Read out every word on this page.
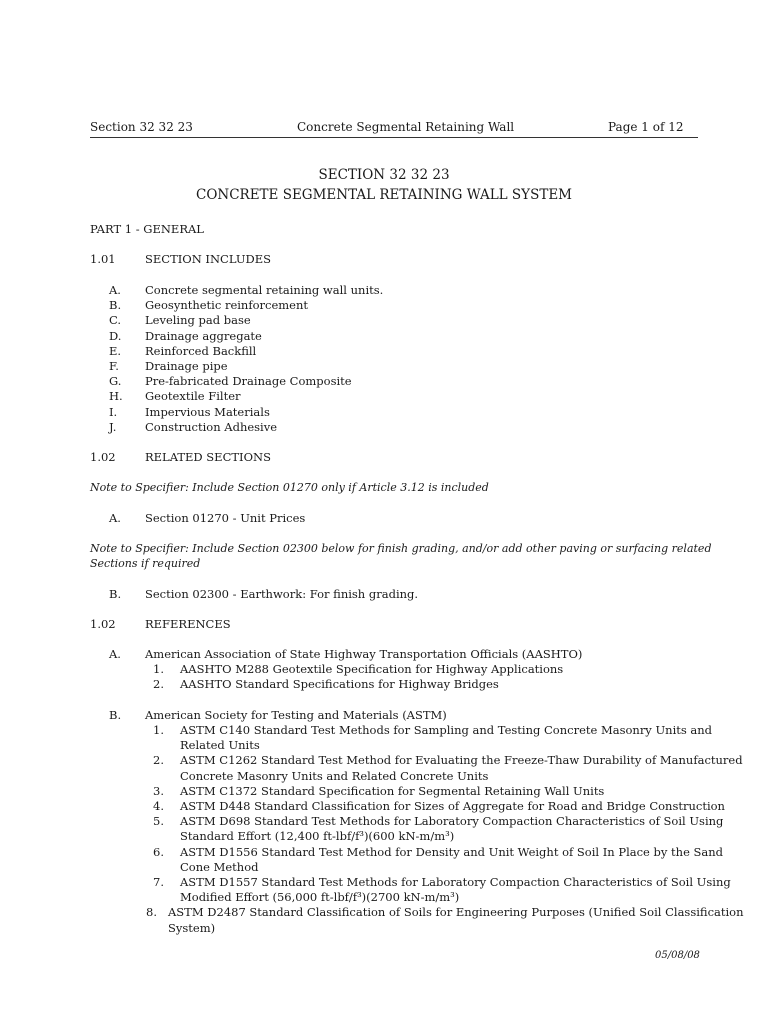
Section 32 32 23	Concrete Segmental Retaining Wall	Page 1 of 12
SECTION 32 32 23
CONCRETE SEGMENTAL RETAINING WALL SYSTEM
PART 1 - GENERAL
1.01	SECTION INCLUDES
A. Concrete segmental retaining wall units.
B. Geosynthetic reinforcement
C. Leveling pad base
D. Drainage aggregate
E. Reinforced Backfill
F. Drainage pipe
G. Pre-fabricated Drainage Composite
H. Geotextile Filter
I. Impervious Materials
J. Construction Adhesive
1.02	RELATED SECTIONS
Note to Specifier: Include Section 01270 only if Article 3.12 is included
A. Section 01270 - Unit Prices
Note to Specifier: Include Section 02300 below for finish grading, and/or add other paving or surfacing related
Sections if required
B. Section 02300 - Earthwork: For finish grading.
1.02	REFERENCES
A. American Association of State Highway Transportation Officials (AASHTO)
1. AASHTO M288 Geotextile Specification for Highway Applications
2. AASHTO Standard Specifications for Highway Bridges
B. American Society for Testing and Materials (ASTM)
1. ASTM C140 Standard Test Methods for Sampling and Testing Concrete Masonry Units and
Related Units
2. ASTM C1262 Standard Test Method for Evaluating the Freeze-Thaw Durability of Manufactured
Concrete Masonry Units and Related Concrete Units
3. ASTM C1372 Standard Specification for Segmental Retaining Wall Units
4. ASTM D448 Standard Classification for Sizes of Aggregate for Road and Bridge Construction
5. ASTM D698 Standard Test Methods for Laboratory Compaction Characteristics of Soil Using
Standard Effort (12,400 ft-lbf/f³)(600 kN-m/m³)
6. ASTM D1556 Standard Test Method for Density and Unit Weight of Soil In Place by the Sand
Cone Method
7. ASTM D1557 Standard Test Methods for Laboratory Compaction Characteristics of Soil Using
Modified Effort (56,000 ft-lbf/f³)(2700 kN-m/m³)
8. ASTM D2487 Standard Classification of Soils for Engineering Purposes (Unified Soil Classification
System)
05/08/08
